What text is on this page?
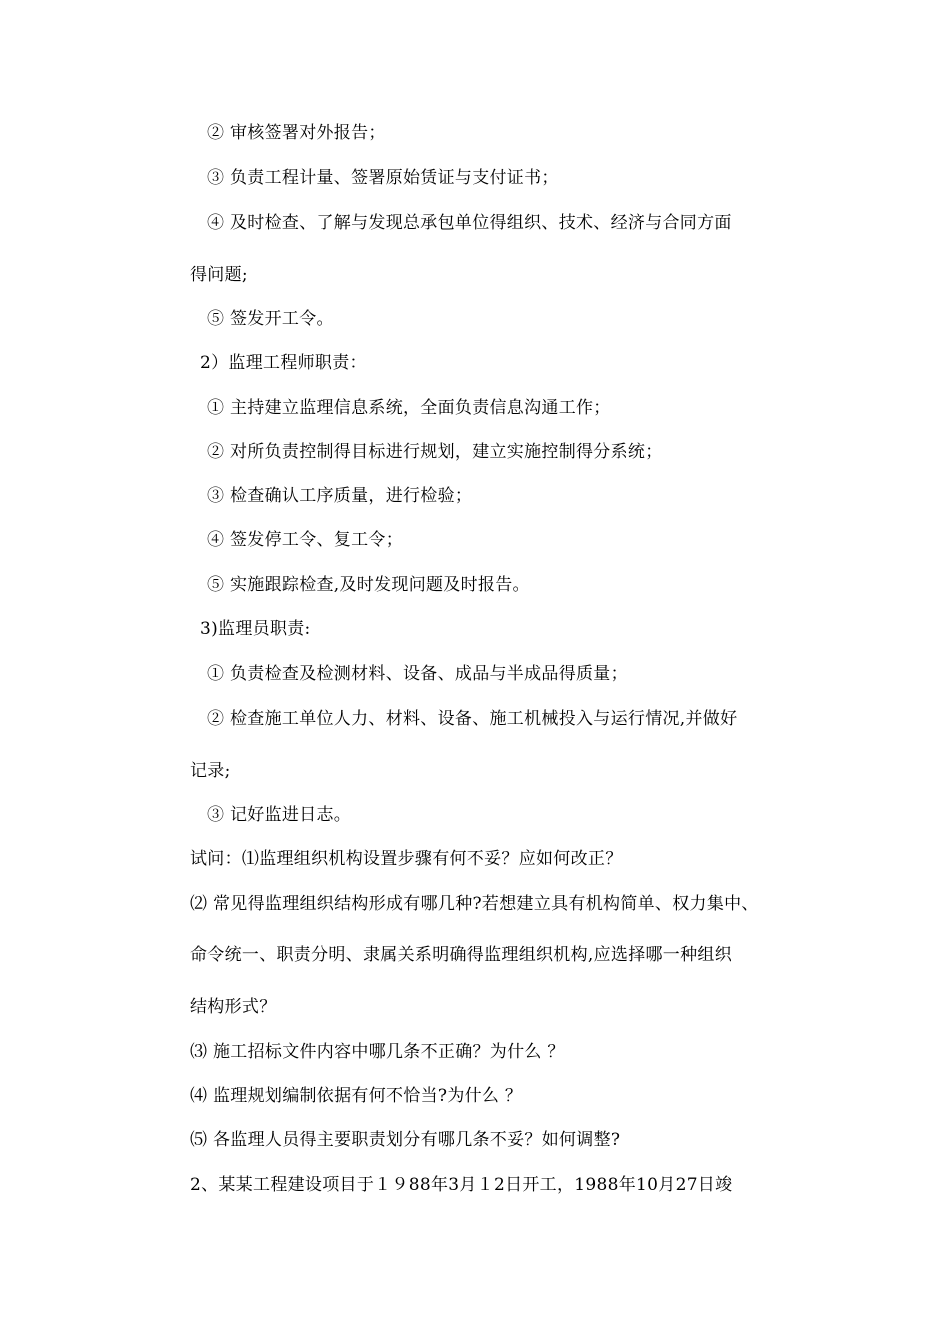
② 审核签署对外报告；
③ 负责工程计量、签署原始赁证与支付证书；
④ 及时检查、了解与发现总承包单位得组织、技术、经济与合同方面
得问题;
⑤ 签发开工令。
2）监理工程师职责：
① 主持建立监理信息系统，全面负责信息沟通工作；
② 对所负责控制得目标进行规划，建立实施控制得分系统；
③ 检查确认工序质量，进行检验；
④ 签发停工令、复工令；
⑤ 实施跟踪检查,及时发现问题及时报告。
3)监理员职责:
① 负责检查及检测材料、设备、成品与半成品得质量；
② 检查施工单位人力、材料、设备、施工机械投入与运行情况,并做好
记录;
③ 记好监进日志。
试问：⑴监理组织机构设置步骤有何不妥？应如何改正？
⑵ 常见得监理组织结构形成有哪几种?若想建立具有机构简单、权力集中、
命令统一、职责分明、隶属关系明确得监理组织机构,应选择哪一种组织
结构形式？
⑶ 施工招标文件内容中哪几条不正确？为什么 ？
⑷ 监理规划编制依据有何不恰当?为什么 ？
⑸ 各监理人员得主要职责划分有哪几条不妥？如何调整?
2、某某工程建设项目于１９88年3月１2日开工，1988年10月27日竣
